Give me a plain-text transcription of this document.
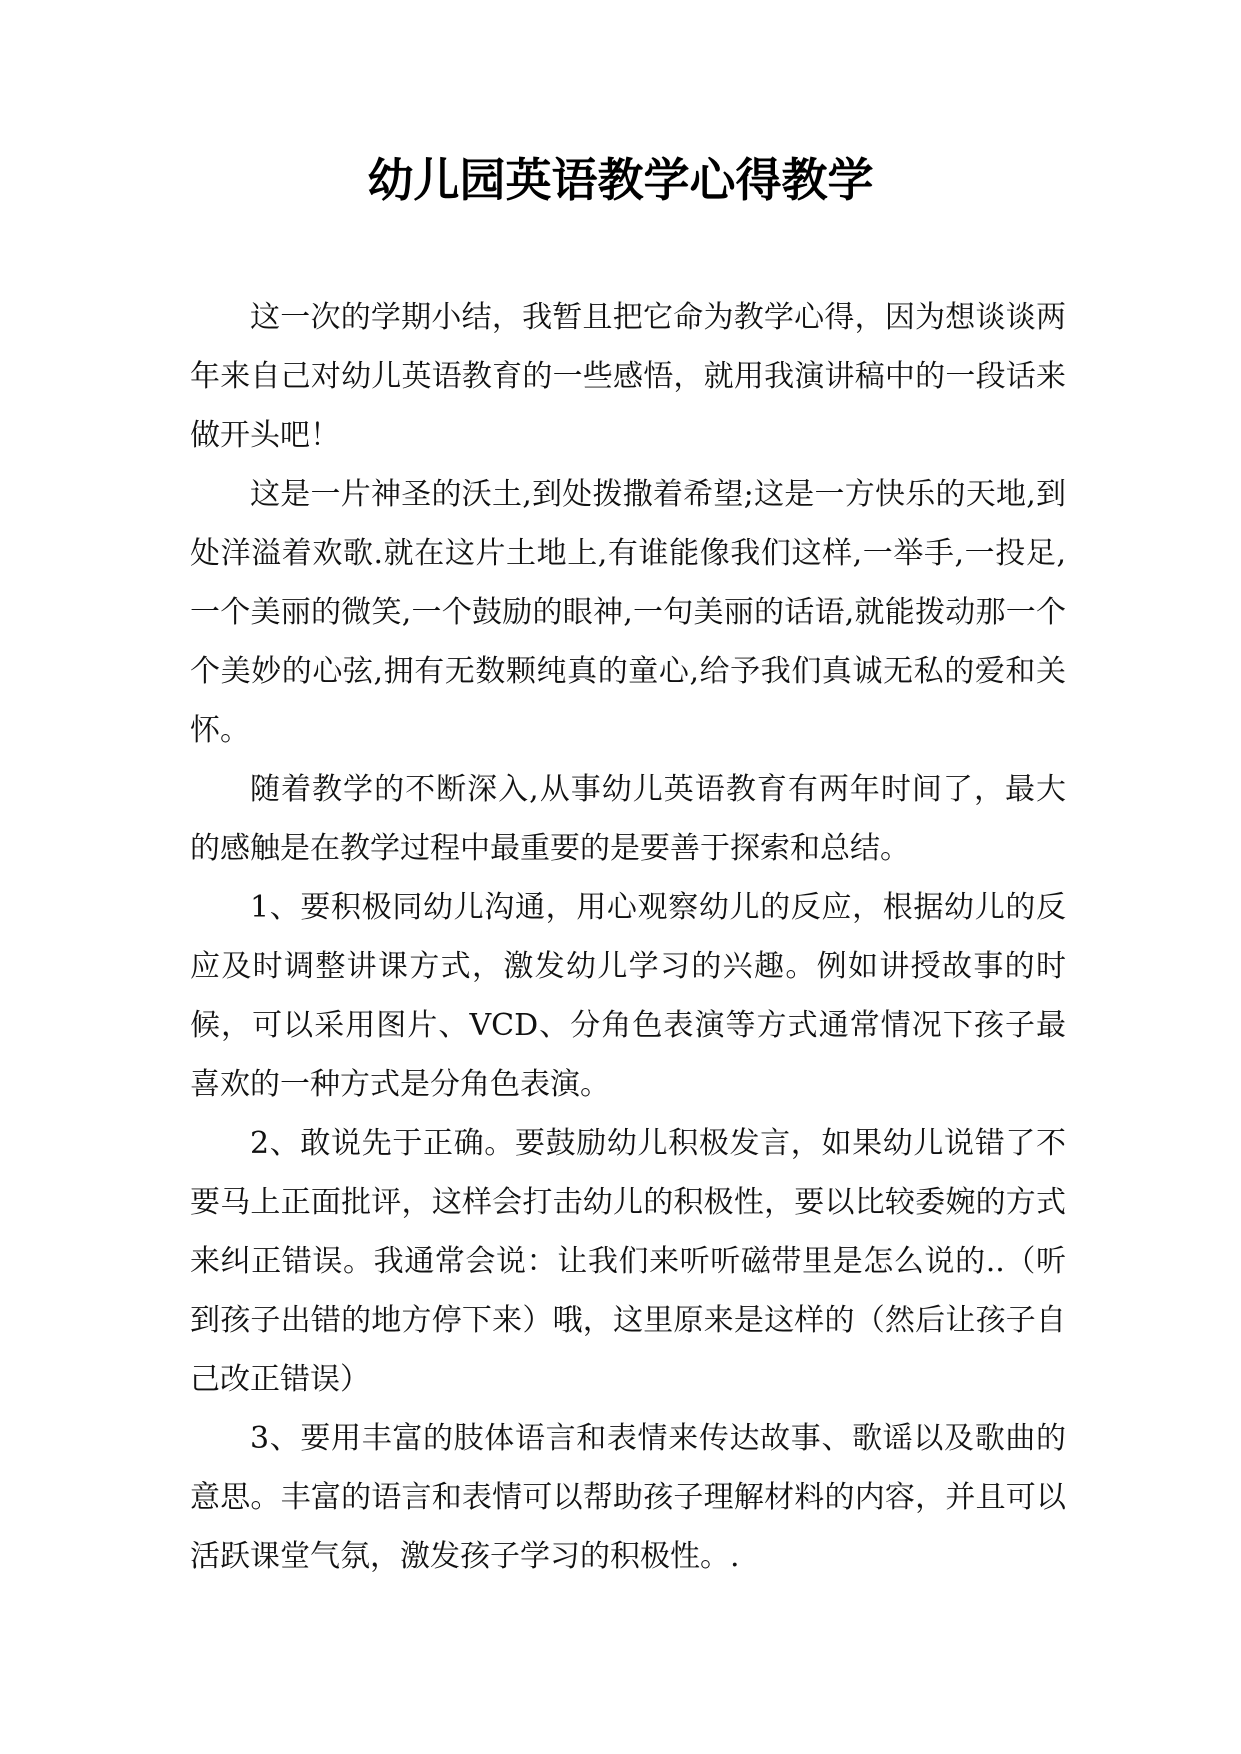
幼儿园英语教学心得教学

这一次的学期小结，我暂且把它命为教学心得，因为想谈谈两年来自己对幼儿英语教育的一些感悟，就用我演讲稿中的一段话来做开头吧！

这是一片神圣的沃土,到处拨撒着希望;这是一方快乐的天地,到处洋溢着欢歌.就在这片土地上,有谁能像我们这样,一举手,一投足,一个美丽的微笑,一个鼓励的眼神,一句美丽的话语,就能拨动那一个个美妙的心弦,拥有无数颗纯真的童心,给予我们真诚无私的爱和关怀。

随着教学的不断深入,从事幼儿英语教育有两年时间了，最大的感触是在教学过程中最重要的是要善于探索和总结。

1、要积极同幼儿沟通，用心观察幼儿的反应，根据幼儿的反应及时调整讲课方式，激发幼儿学习的兴趣。例如讲授故事的时候，可以采用图片、VCD、分角色表演等方式通常情况下孩子最喜欢的一种方式是分角色表演。

2、敢说先于正确。要鼓励幼儿积极发言，如果幼儿说错了不要马上正面批评，这样会打击幼儿的积极性，要以比较委婉的方式来纠正错误。我通常会说：让我们来听听磁带里是怎么说的..（听到孩子出错的地方停下来）哦，这里原来是这样的（然后让孩子自己改正错误）

3、要用丰富的肢体语言和表情来传达故事、歌谣以及歌曲的意思。丰富的语言和表情可以帮助孩子理解材料的内容，并且可以活跃课堂气氛，激发孩子学习的积极性。.
